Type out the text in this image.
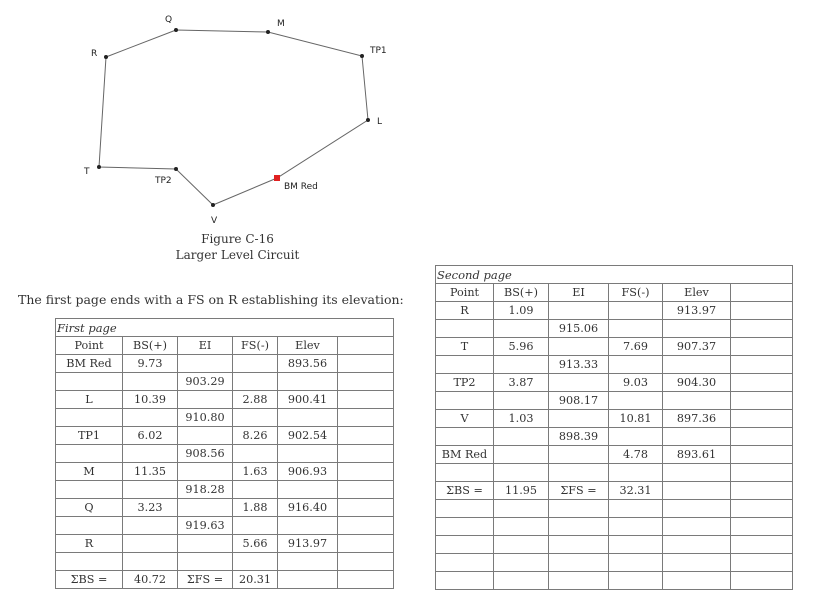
Q	M
R	TP1
L
T
TP2
BM Red
V
Figure C-16
Larger Level Circuit
The first page ends with a FS on R establishing its elevation:
First page					
Point	BS(+)	EI	FS(-)	Elev	
BM Red	9.73			893.56	
		903.29			
L	10.39		2.88	900.41	
		910.80			
TP1	6.02		8.26	902.54	
		908.56			
M	11.35		1.63	906.93	
		918.28			
Q	3.23		1.88	916.40	
		919.63			
R			5.66	913.97	

ΣBS =	40.72	ΣFS =	20.31		
Second page					
Point	BS(+)	EI	FS(-)	Elev	
R	1.09			913.97	
		915.06			
T	5.96		7.69	907.37	
		913.33			
TP2	3.87		9.03	904.30	
		908.17			
V	1.03		10.81	897.36	
		898.39			
BM Red			4.78	893.61	

ΣBS =	11.95	ΣFS =	32.31		
